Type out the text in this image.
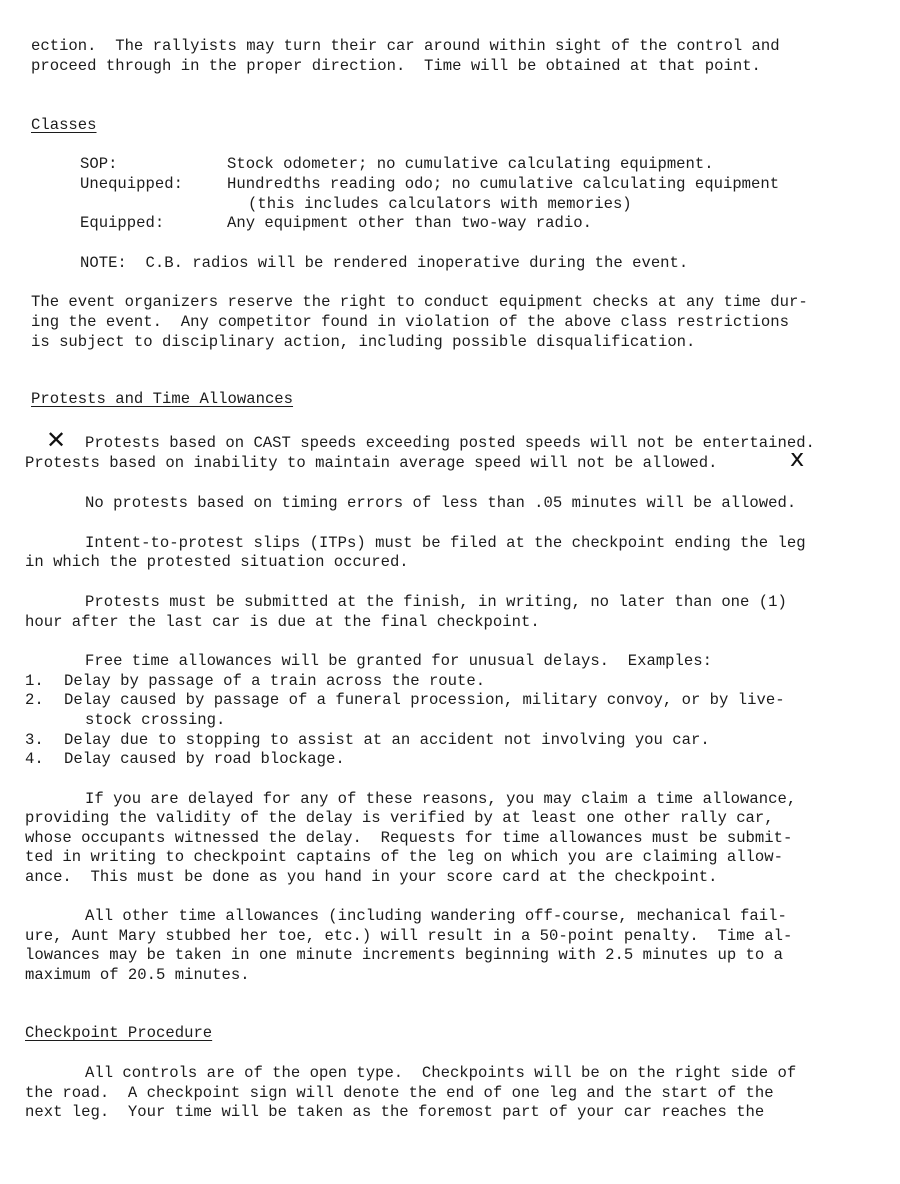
ection.  The rallyists may turn their car around within sight of the control and
proceed through in the proper direction.  Time will be obtained at that point.
Classes
SOP:	Stock odometer; no cumulative calculating equipment.
Unequipped:	Hundredths reading odo; no cumulative calculating equipment
(this includes calculators with memories)
Equipped:	Any equipment other than two-way radio.
NOTE:  C.B. radios will be rendered inoperative during the event.
The event organizers reserve the right to conduct equipment checks at any time dur-
ing the event.  Any competitor found in violation of the above class restrictions
is subject to disciplinary action, including possible disqualification.
Protests and Time Allowances
✕ Protests based on CAST speeds exceeding posted speeds will not be entertained.
Protests based on inability to maintain average speed will not be allowed.	ⅹ
No protests based on timing errors of less than .05 minutes will be allowed.
Intent-to-protest slips (ITPs) must be filed at the checkpoint ending the leg
in which the protested situation occured.
Protests must be submitted at the finish, in writing, no later than one (1)
hour after the last car is due at the final checkpoint.
Free time allowances will be granted for unusual delays.  Examples:
1. Delay by passage of a train across the route.
2. Delay caused by passage of a funeral procession, military convoy, or by live-
stock crossing.
3. Delay due to stopping to assist at an accident not involving you car.
4. Delay caused by road blockage.
If you are delayed for any of these reasons, you may claim a time allowance,
providing the validity of the delay is verified by at least one other rally car,
whose occupants witnessed the delay.  Requests for time allowances must be submit-
ted in writing to checkpoint captains of the leg on which you are claiming allow-
ance.  This must be done as you hand in your score card at the checkpoint.
All other time allowances (including wandering off-course, mechanical fail-
ure, Aunt Mary stubbed her toe, etc.) will result in a 50-point penalty.  Time al-
lowances may be taken in one minute increments beginning with 2.5 minutes up to a
maximum of 20.5 minutes.
Checkpoint Procedure
All controls are of the open type.  Checkpoints will be on the right side of
the road.  A checkpoint sign will denote the end of one leg and the start of the
next leg.  Your time will be taken as the foremost part of your car reaches the
